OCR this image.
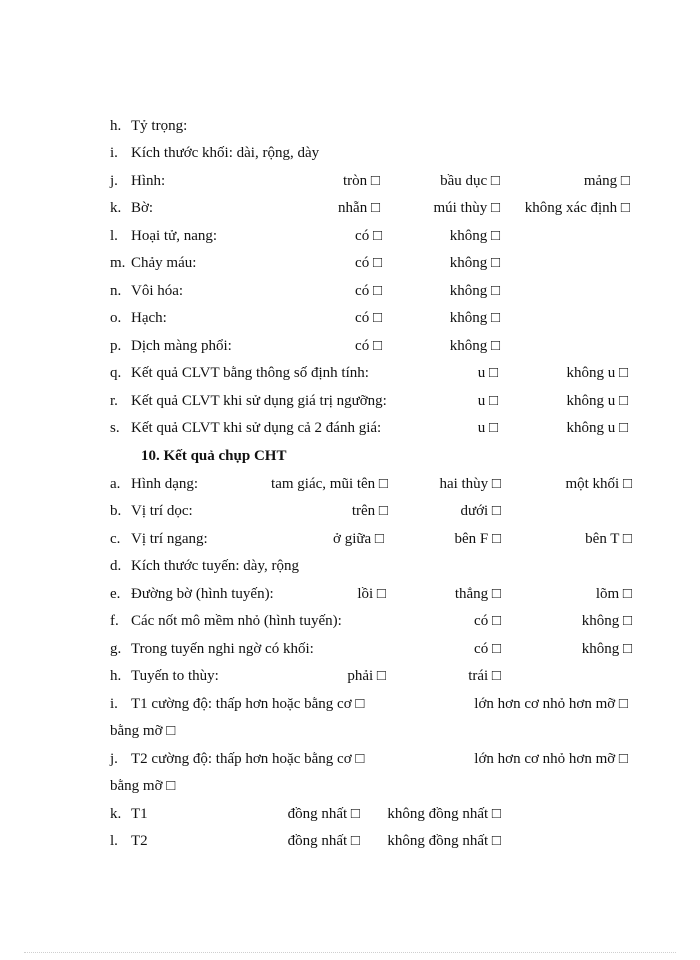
h. Tỷ trọng:
i. Kích thước khối: dài, rộng, dày
j. Hình:	tròn □	bầu dục □	mảng □
k. Bờ:	nhẵn □	múi thùy □	không xác định □
l. Hoại tử, nang:	có □	không □
m. Chảy máu:	có □	không □
n. Vôi hóa:	có □	không □
o. Hạch:	có □	không □
p. Dịch màng phổi:	có □	không □
q. Kết quả CLVT bằng thông số định tính:	u □	không u □
r. Kết quả CLVT khi sử dụng giá trị ngưỡng:	u □	không u □
s. Kết quả CLVT khi sử dụng cả 2 đánh giá:	u □	không u □
10. Kết quả chụp CHT
a. Hình dạng:	tam giác, mũi tên □	hai thùy □	một khối □
b. Vị trí dọc:	trên □	dưới □
c. Vị trí ngang:	ở giữa □	bên F □	bên T □
d. Kích thước tuyến: dày, rộng
e. Đường bờ (hình tuyến):	lồi □	thẳng □	lõm □
f. Các nốt mô mềm nhỏ (hình tuyến):	có □	không □
g. Trong tuyến nghi ngờ có khối:	có □	không □
h. Tuyến to thùy:	phải □	trái □
i. T1 cường độ: thấp hơn hoặc bằng cơ □	lớn hơn cơ nhỏ hơn mỡ □
bằng mỡ □
j. T2 cường độ: thấp hơn hoặc bằng cơ □	lớn hơn cơ nhỏ hơn mỡ □
bằng mỡ □
k. T1	đồng nhất □	không đồng nhất □
l. T2	đồng nhất □	không đồng nhất □
